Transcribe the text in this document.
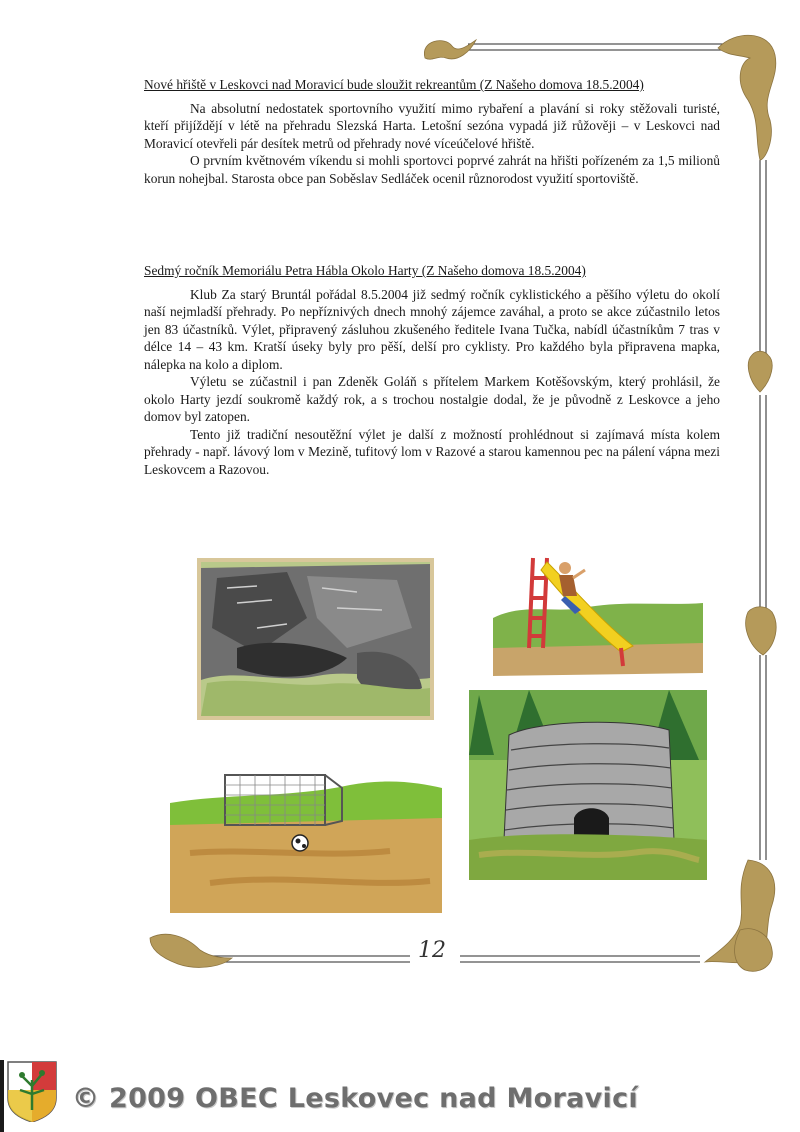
Nové hřiště v Leskovci nad Moravicí bude sloužit rekreantům (Z Našeho domova 18.5.2004)

Na absolutní nedostatek sportovního využití mimo rybaření a plavání si roky stěžovali turisté, kteří přijíždějí v létě na přehradu Slezská Harta. Letošní sezóna vypadá již růžověji – v Leskovci nad Moravicí otevřeli pár desítek metrů od přehrady nové víceúčelové hřiště.

O prvním květnovém víkendu si mohli sportovci poprvé zahrát na hřišti pořízeném za 1,5 milionů korun nohejbal. Starosta obce pan Soběslav Sedláček ocenil různorodost využití sportoviště.

Sedmý ročník Memoriálu Petra Hábla Okolo Harty (Z Našeho domova 18.5.2004)

Klub Za starý Bruntál pořádal 8.5.2004 již sedmý ročník cyklistického a pěšího výletu do okolí naší nejmladší přehrady. Po nepříznivých dnech mnohý zájemce zaváhal, a proto se akce zúčastnilo letos jen 83 účastníků. Výlet, připravený zásluhou zkušeného ředitele Ivana Tučka, nabídl účastníkům 7 tras v délce 14 – 43 km. Kratší úseky byly pro pěší, delší pro cyklisty. Pro každého byla připravena mapka, nálepka na kolo a diplom.

Výletu se zúčastnil i pan Zdeněk Goláň s přítelem Markem Kotěšovským, který prohlásil, že okolo Harty jezdí soukromě každý rok, a s trochou nostalgie dodal, že je původně z Leskovce a jeho domov byl zatopen.

Tento již tradiční nesoutěžní výlet je další z možností prohlédnout si zajímavá místa kolem přehrady - např. lávový lom v Mezině, tufitový lom v Razové a starou kamennou pec na pálení vápna mezi Leskovcem a Razovou.

12
© 2009 OBEC Leskovec nad Moravicí
